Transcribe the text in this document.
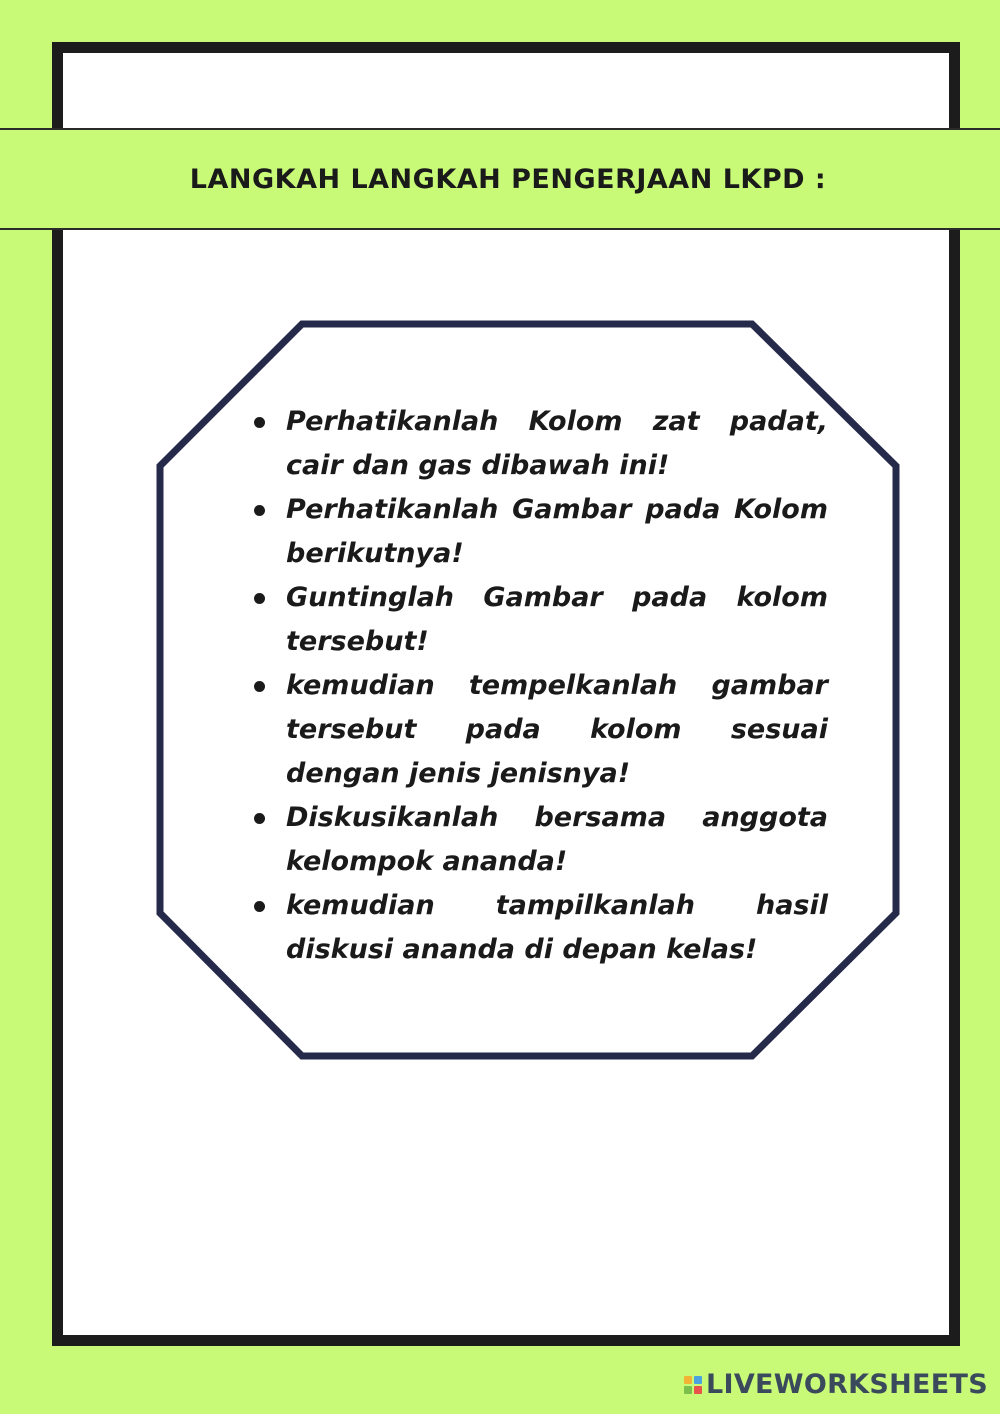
LANGKAH LANGKAH PENGERJAAN LKPD :
Perhatikanlah Kolom zat padat, cair dan gas dibawah ini!
Perhatikanlah Gambar pada Kolom berikutnya!
Guntinglah Gambar pada kolom tersebut!
kemudian tempelkanlah gambar tersebut pada kolom sesuai dengan jenis jenisnya!
Diskusikanlah bersama anggota kelompok ananda!
kemudian tampilkanlah hasil diskusi ananda di depan kelas!
LIVEWORKSHEETS
